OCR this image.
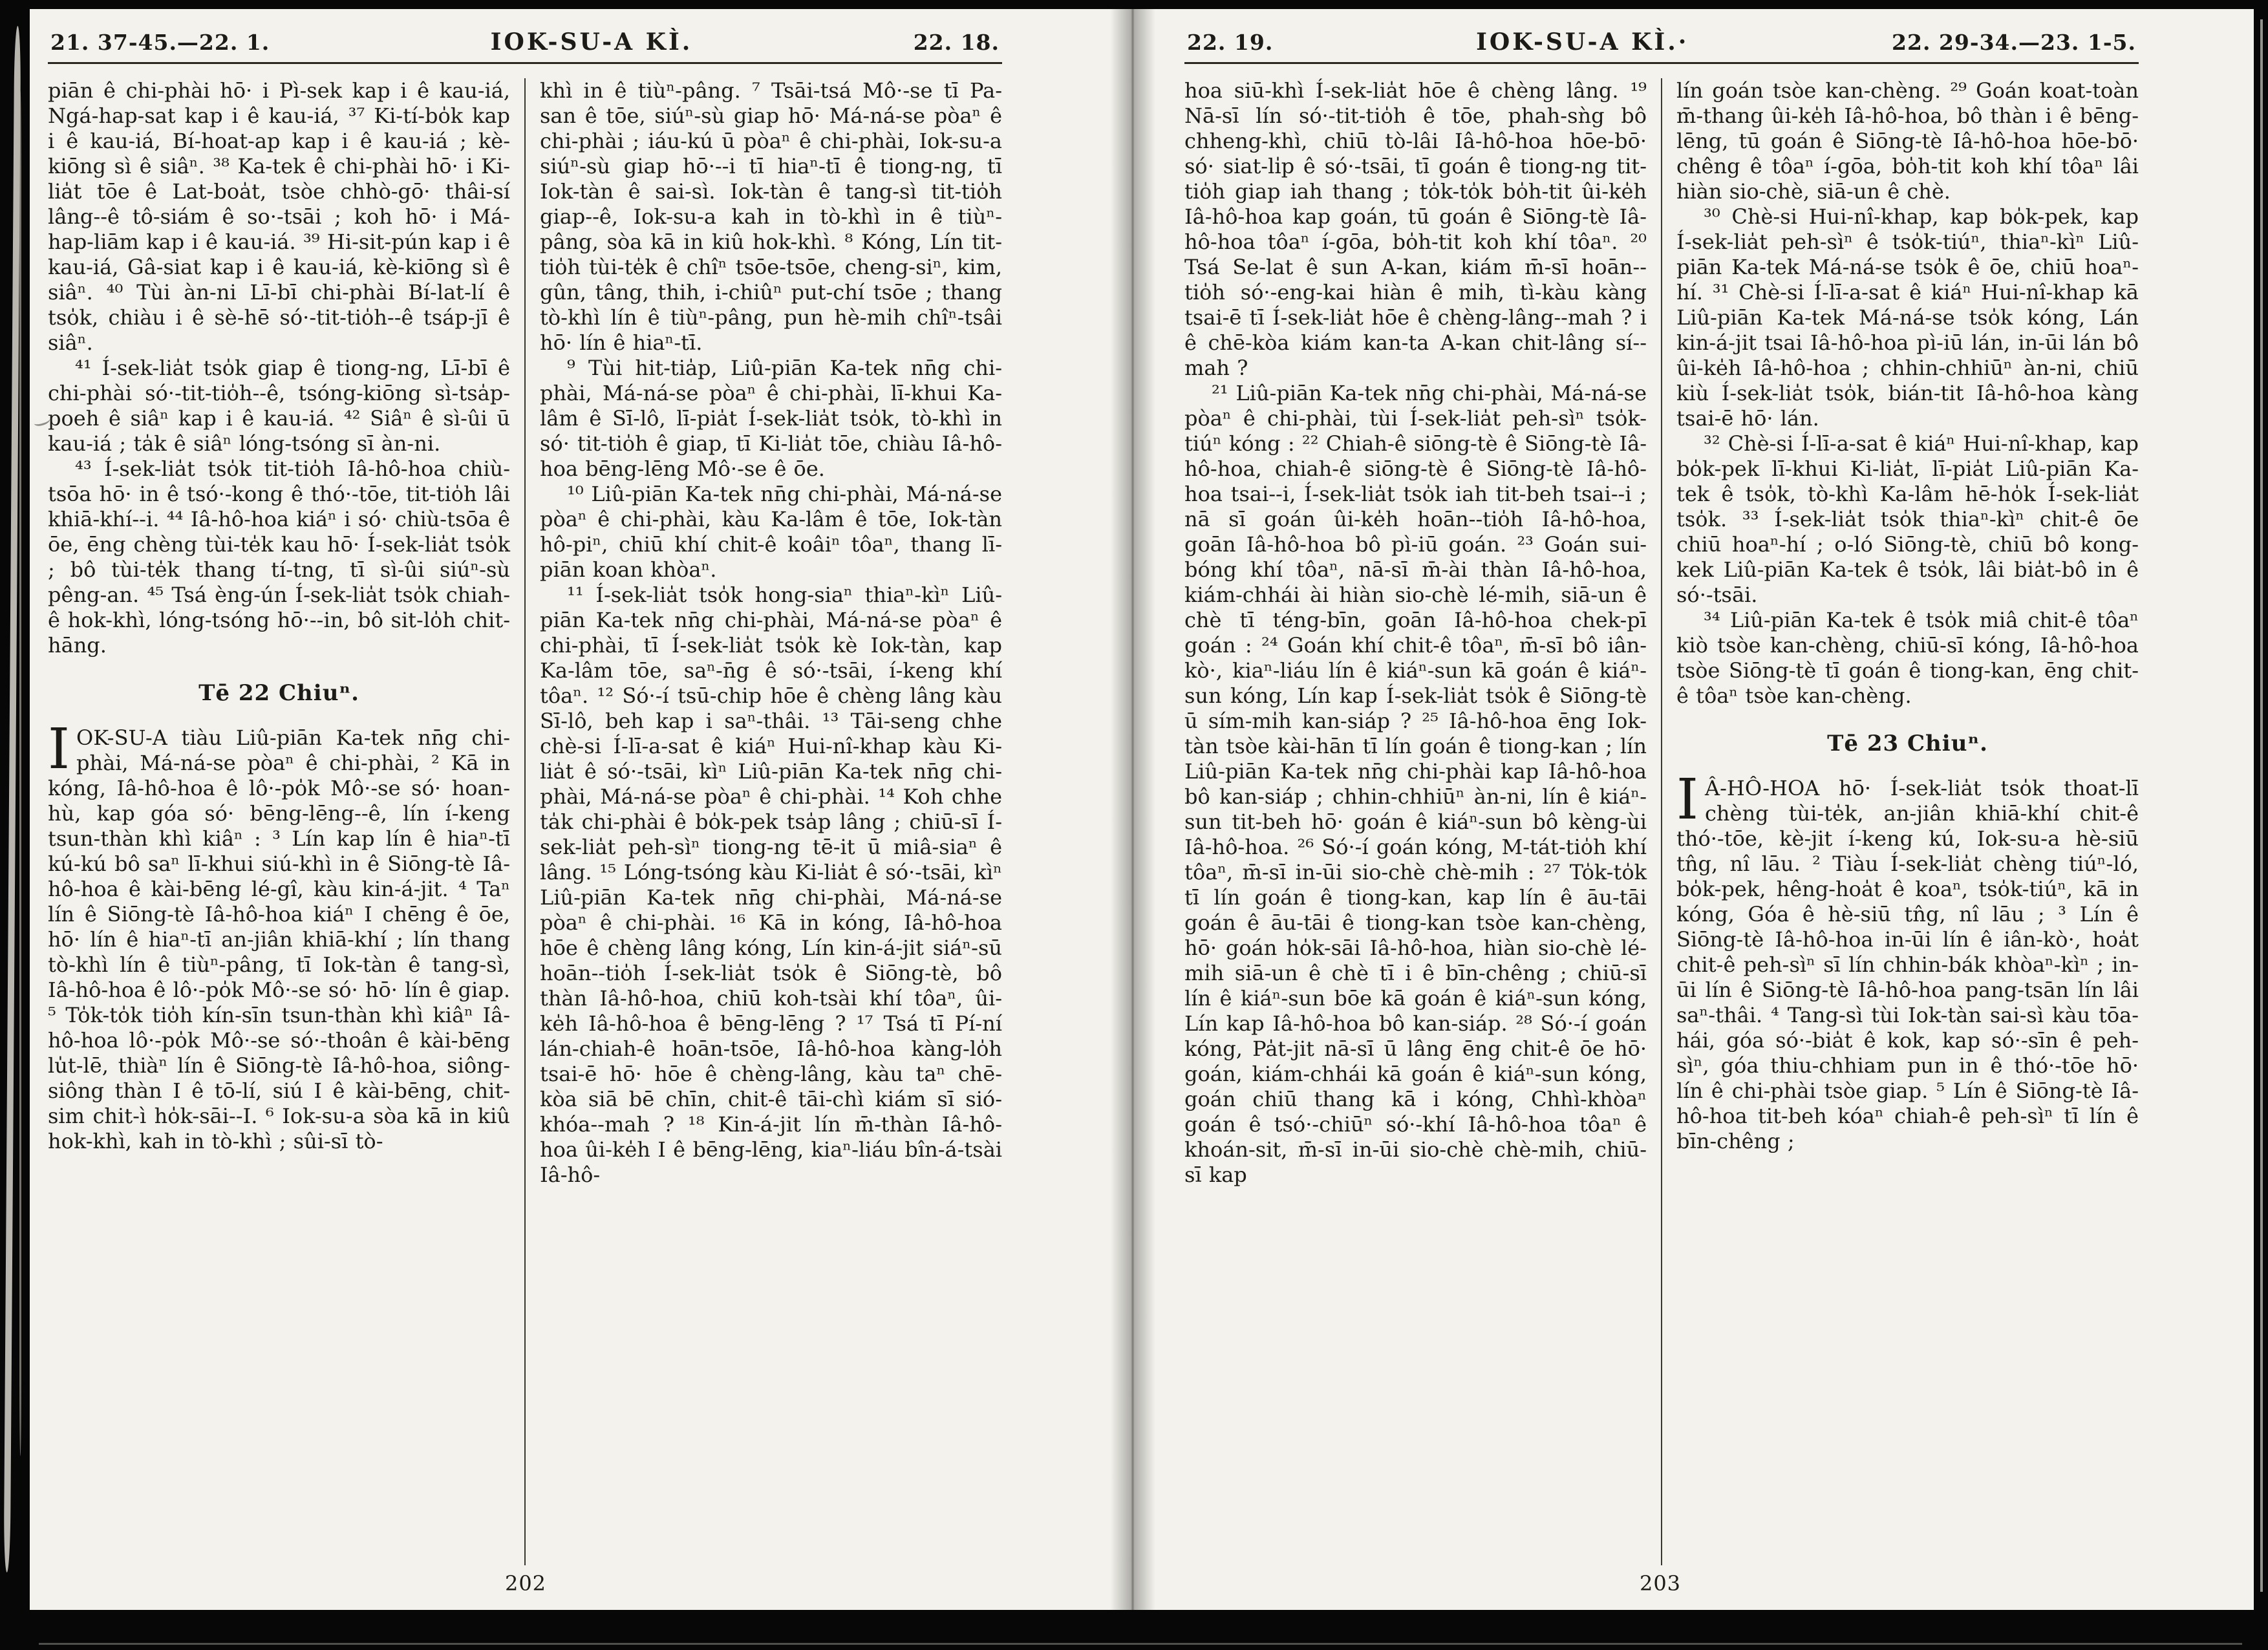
21. 37-45.—22. 1.	IOK-SU-A KÌ.	22. 18.

piān ê chi-phài hō· i Pì-sek kap i ê kau-iá, Ngá-hap-sat kap i ê kau-iá, ³⁷ Ki-tí-bo̍k kap i ê kau-iá, Bí-hoat-ap kap i ê kau-iá ; kè-kiōng sì ê siâⁿ. ³⁸ Ka-tek ê chi-phài hō· i Ki-lia̍t tōe ê Lat-boa̍t, tsòe chhò-gō· thâi-sí lâng--ê tô-siám ê so·-tsāi ; koh hō· i Má-hap-liām kap i ê kau-iá. ³⁹ Hi-sit-pún kap i ê kau-iá, Gâ-siat kap i ê kau-iá, kè-kiōng sì ê siâⁿ. ⁴⁰ Tùi àn-ni Lī-bī chi-phài Bí-lat-lí ê tso̍k, chiàu i ê sè-hē só·-tit-tio̍h--ê tsáp-jī ê siâⁿ.

⁴¹ Í-sek-lia̍t tso̍k giap ê tiong-ng, Lī-bī ê chi-phài só·-tit-tio̍h--ê, tsóng-kiōng sì-tsa̍p-poeh ê siâⁿ kap i ê kau-iá. ⁴² Siâⁿ ê sì-ûi ū kau-iá ; ta̍k ê siâⁿ lóng-tsóng sī àn-ni.

⁴³ Í-sek-lia̍t tso̍k tit-tio̍h Iâ-hô-hoa chiù-tsōa hō· in ê tsó·-kong ê thó·-tōe, tit-tio̍h lâi khiā-khí--i. ⁴⁴ Iâ-hô-hoa kiáⁿ i só· chiù-tsōa ê ōe, ēng chèng tùi-te̍k kau hō· Í-sek-lia̍t tso̍k ; bô tùi-te̍k thang tí-tng, tī sì-ûi siúⁿ-sù pêng-an. ⁴⁵ Tsá èng-ún Í-sek-lia̍t tso̍k chiah-ê hok-khì, lóng-tsóng hō·--in, bô sit-lo̍h chit-hāng.

Tē 22 Chiuⁿ.

IOK-SU-A tiàu Liû-piān Ka-tek nn̄g chi-phài, Má-ná-se pòaⁿ ê chi-phài, ² Kā in kóng, Iâ-hô-hoa ê lô·-po̍k Mô·-se só· hoan-hù, kap góa só· bēng-lēng--ê, lín í-keng tsun-thàn khì kiâⁿ : ³ Lín kap lín ê hiaⁿ-tī kú-kú bô saⁿ lī-khui siú-khì in ê Siōng-tè Iâ-hô-hoa ê kài-bēng lé-gî, kàu kin-á-jit. ⁴ Taⁿ lín ê Siōng-tè Iâ-hô-hoa kiáⁿ I chēng ê ōe, hō· lín ê hiaⁿ-tī an-jiân khiā-khí ; lín thang tò-khì lín ê tiùⁿ-pâng, tī Iok-tàn ê tang-sì, Iâ-hô-hoa ê lô·-po̍k Mô·-se só· hō· lín ê giap. ⁵ To̍k-to̍k tio̍h kín-sīn tsun-thàn khì kiâⁿ Iâ-hô-hoa lô·-po̍k Mô·-se só·-thoân ê kài-bēng lu̍t-lē, thiàⁿ lín ê Siōng-tè Iâ-hô-hoa, siông-siông thàn I ê tō-lí, siú I ê kài-bēng, chit-sim chit-ì ho̍k-sāi--I. ⁶ Iok-su-a sòa kā in kiû hok-khì, kah in tò-khì ; sûi-sī tò-

khì in ê tiùⁿ-pâng. ⁷ Tsāi-tsá Mô·-se tī Pa-san ê tōe, siúⁿ-sù giap hō· Má-ná-se pòaⁿ ê chi-phài ; iáu-kú ū pòaⁿ ê chi-phài, Iok-su-a siúⁿ-sù giap hō·--i tī hiaⁿ-tī ê tiong-ng, tī Iok-tàn ê sai-sì. Iok-tàn ê tang-sì tit-tio̍h giap--ê, Iok-su-a kah in tò-khì in ê tiùⁿ-pâng, sòa kā in kiû hok-khì. ⁸ Kóng, Lín tit-tio̍h tùi-te̍k ê chîⁿ tsōe-tsōe, cheng-siⁿ, kim, gûn, tâng, thih, i-chiûⁿ put-chí tsōe ; thang tò-khì lín ê tiùⁿ-pâng, pun hè-mi̍h chîⁿ-tsâi hō· lín ê hiaⁿ-tī.

⁹ Tùi hit-tia̍p, Liû-piān Ka-tek nn̄g chi-phài, Má-ná-se pòaⁿ ê chi-phài, lī-khui Ka-lâm ê Sī-lô, lī-pia̍t Í-sek-lia̍t tso̍k, tò-khì in só· tit-tio̍h ê giap, tī Ki-lia̍t tōe, chiàu Iâ-hô-hoa bēng-lēng Mô·-se ê ōe.

¹⁰ Liû-piān Ka-tek nn̄g chi-phài, Má-ná-se pòaⁿ ê chi-phài, kàu Ka-lâm ê tōe, Iok-tàn hô-piⁿ, chiū khí chit-ê koâiⁿ tôaⁿ, thang lī-piān koan khòaⁿ.

¹¹ Í-sek-lia̍t tso̍k hong-siaⁿ thiaⁿ-kìⁿ Liû-piān Ka-tek nn̄g chi-phài, Má-ná-se pòaⁿ ê chi-phài, tī Í-sek-lia̍t tso̍k kè Iok-tàn, kap Ka-lâm tōe, saⁿ-n̄g ê só·-tsāi, í-keng khí tôaⁿ. ¹² Só·-í tsū-chip hōe ê chèng lâng kàu Sī-lô, beh kap i saⁿ-thâi. ¹³ Tāi-seng chhe chè-si Í-lī-a-sat ê kiáⁿ Hui-nî-khap kàu Ki-lia̍t ê só·-tsāi, kìⁿ Liû-piān Ka-tek nn̄g chi-phài, Má-ná-se pòaⁿ ê chi-phài. ¹⁴ Koh chhe ta̍k chi-phài ê bo̍k-pek tsa̍p lâng ; chiū-sī Í-sek-lia̍t peh-sìⁿ tiong-ng tē-it ū miâ-siaⁿ ê lâng. ¹⁵ Lóng-tsóng kàu Ki-lia̍t ê só·-tsāi, kìⁿ Liû-piān Ka-tek nn̄g chi-phài, Má-ná-se pòaⁿ ê chi-phài. ¹⁶ Kā in kóng, Iâ-hô-hoa hōe ê chèng lâng kóng, Lín kin-á-jit siáⁿ-sū hoān--tio̍h Í-sek-lia̍t tso̍k ê Siōng-tè, bô thàn Iâ-hô-hoa, chiū koh-tsài khí tôaⁿ, ûi-ke̍h Iâ-hô-hoa ê bēng-lēng ? ¹⁷ Tsá tī Pí-ní lán-chiah-ê hoān-tsōe, Iâ-hô-hoa kàng-lo̍h tsai-ē hō· hōe ê chèng-lâng, kàu taⁿ chē-kòa siā bē chīn, chit-ê tāi-chì kiám sī sió-khóa--mah ? ¹⁸ Kin-á-jit lín m̄-thàn Iâ-hô-hoa ûi-ke̍h I ê bēng-lēng, kiaⁿ-liáu bîn-á-tsài Iâ-hô-

202
22. 19.	IOK-SU-A KÌ.·	22. 29-34.—23. 1-5.

hoa siū-khì Í-sek-lia̍t hōe ê chèng lâng. ¹⁹ Nā-sī lín só·-tit-tio̍h ê tōe, phah-sǹg bô chheng-khì, chiū tò-lâi Iâ-hô-hoa hōe-bō· só· siat-li̍p ê só·-tsāi, tī goán ê tiong-ng tit-tio̍h giap iah thang ; to̍k-to̍k bo̍h-tit ûi-ke̍h Iâ-hô-hoa kap goán, tū goán ê Siōng-tè Iâ-hô-hoa tôaⁿ í-gōa, bo̍h-tit koh khí tôaⁿ. ²⁰ Tsá Se-lat ê sun A-kan, kiám m̄-sī hoān--tio̍h só·-eng-kai hiàn ê mi̍h, tì-kàu kàng tsai-ē tī Í-sek-lia̍t hōe ê chèng-lâng--mah ? i ê chē-kòa kiám kan-ta A-kan chit-lâng sí--mah ?

²¹ Liû-piān Ka-tek nn̄g chi-phài, Má-ná-se pòaⁿ ê chi-phài, tùi Í-sek-lia̍t peh-sìⁿ tso̍k-tiúⁿ kóng : ²² Chiah-ê siōng-tè ê Siōng-tè Iâ-hô-hoa, chiah-ê siōng-tè ê Siōng-tè Iâ-hô-hoa tsai--i, Í-sek-lia̍t tso̍k iah tit-beh tsai--i ; nā sī goán ûi-ke̍h hoān--tio̍h Iâ-hô-hoa, goān Iâ-hô-hoa bô pì-iū goán. ²³ Goán sui-bóng khí tôaⁿ, nā-sī m̄-ài thàn Iâ-hô-hoa, kiám-chhái ài hiàn sio-chè lé-mi̍h, siā-un ê chè tī téng-bīn, goān Iâ-hô-hoa chek-pī goán : ²⁴ Goán khí chit-ê tôaⁿ, m̄-sī bô iân-kò·, kiaⁿ-liáu lín ê kiáⁿ-sun kā goán ê kiáⁿ-sun kóng, Lín kap Í-sek-lia̍t tso̍k ê Siōng-tè ū sím-mi̍h kan-siáp ? ²⁵ Iâ-hô-hoa ēng Iok-tàn tsòe kài-hān tī lín goán ê tiong-kan ; lín Liû-piān Ka-tek nn̄g chi-phài kap Iâ-hô-hoa bô kan-siáp ; chhin-chhiūⁿ àn-ni, lín ê kiáⁿ-sun tit-beh hō· goán ê kiáⁿ-sun bô kèng-ùi Iâ-hô-hoa. ²⁶ Só·-í goán kóng, M-tát-tio̍h khí tôaⁿ, m̄-sī in-ūi sio-chè chè-mi̍h : ²⁷ To̍k-to̍k tī lín goán ê tiong-kan, kap lín ê āu-tāi goán ê āu-tāi ê tiong-kan tsòe kan-chèng, hō· goán ho̍k-sāi Iâ-hô-hoa, hiàn sio-chè lé-mi̍h siā-un ê chè tī i ê bīn-chêng ; chiū-sī lín ê kiáⁿ-sun bōe kā goán ê kiáⁿ-sun kóng, Lín kap Iâ-hô-hoa bô kan-siáp. ²⁸ Só·-í goán kóng, Pa̍t-jit nā-sī ū lâng ēng chit-ê ōe hō· goán, kiám-chhái kā goán ê kiáⁿ-sun kóng, goán chiū thang kā i kóng, Chhì-khòaⁿ goán ê tsó·-chiūⁿ só·-khí Iâ-hô-hoa tôaⁿ ê khoán-sit, m̄-sī in-ūi sio-chè chè-mi̍h, chiū-sī kap

lín goán tsòe kan-chèng. ²⁹ Goán koat-toàn m̄-thang ûi-ke̍h Iâ-hô-hoa, bô thàn i ê bēng-lēng, tū goán ê Siōng-tè Iâ-hô-hoa hōe-bō· chêng ê tôaⁿ í-gōa, bo̍h-tit koh khí tôaⁿ lâi hiàn sio-chè, siā-un ê chè.

³⁰ Chè-si Hui-nî-khap, kap bo̍k-pek, kap Í-sek-lia̍t peh-sìⁿ ê tso̍k-tiúⁿ, thiaⁿ-kìⁿ Liû-piān Ka-tek Má-ná-se tso̍k ê ōe, chiū hoaⁿ-hí. ³¹ Chè-si Í-lī-a-sat ê kiáⁿ Hui-nî-khap kā Liû-piān Ka-tek Má-ná-se tso̍k kóng, Lán kin-á-jit tsai Iâ-hô-hoa pì-iū lán, in-ūi lán bô ûi-ke̍h Iâ-hô-hoa ; chhin-chhiūⁿ àn-ni, chiū kiù Í-sek-lia̍t tso̍k, bián-tit Iâ-hô-hoa kàng tsai-ē hō· lán.

³² Chè-si Í-lī-a-sat ê kiáⁿ Hui-nî-khap, kap bo̍k-pek lī-khui Ki-lia̍t, lī-pia̍t Liû-piān Ka-tek ê tso̍k, tò-khì Ka-lâm hē-ho̍k Í-sek-lia̍t tso̍k. ³³ Í-sek-lia̍t tso̍k thiaⁿ-kìⁿ chit-ê ōe chiū hoaⁿ-hí ; o-ló Siōng-tè, chiū bô kong-kek Liû-piān Ka-tek ê tso̍k, lâi bia̍t-bô in ê só·-tsāi.

³⁴ Liû-piān Ka-tek ê tso̍k miâ chit-ê tôaⁿ kiò tsòe kan-chèng, chiū-sī kóng, Iâ-hô-hoa tsòe Siōng-tè tī goán ê tiong-kan, ēng chit-ê tôaⁿ tsòe kan-chèng.

Tē 23 Chiuⁿ.

I Â-HÔ-HOA hō· Í-sek-lia̍t tso̍k thoat-lī chèng tùi-te̍k, an-jiân khiā-khí chit-ê thó·-tōe, kè-jit í-keng kú, Iok-su-a hè-siū tn̂g, nî lāu. ² Tiàu Í-sek-lia̍t chèng tiúⁿ-ló, bo̍k-pek, hêng-hoa̍t ê koaⁿ, tso̍k-tiúⁿ, kā in kóng, Góa ê hè-siū tn̂g, nî lāu ; ³ Lín ê Siōng-tè Iâ-hô-hoa in-ūi lín ê iân-kò·, hoa̍t chit-ê peh-sìⁿ sī lín chhin-bák khòaⁿ-kìⁿ ; in-ūi lín ê Siōng-tè Iâ-hô-hoa pang-tsān lín lâi saⁿ-thâi. ⁴ Tang-sì tùi Iok-tàn sai-sì kàu tōa-hái, góa só·-bia̍t ê kok, kap só·-sīn ê peh-sìⁿ, góa thiu-chhiam pun in ê thó·-tōe hō· lín ê chi-phài tsòe giap. ⁵ Lín ê Siōng-tè Iâ-hô-hoa tit-beh kóaⁿ chiah-ê peh-sìⁿ tī lín ê bīn-chêng ;

203
